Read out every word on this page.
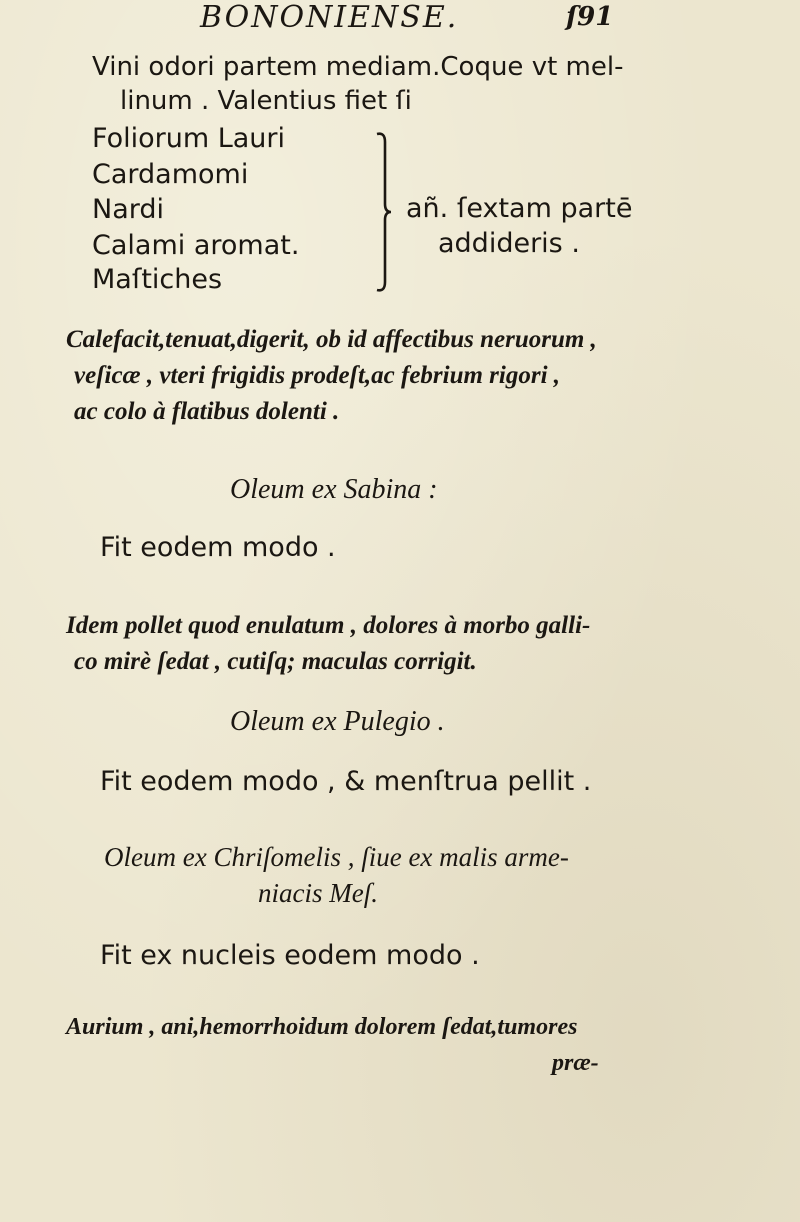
BONONIENSE.	ſ91
Vini odori partem mediam.Coque vt mel-
linum . Valentius fiet ſi
Foliorum Lauri
Cardamomi
Nardi
Calami aromat.
Maſtiches
añ. ſextam partē
addideris .
Calefacit,tenuat,digerit, ob id affectibus neruorum ,
veſicæ , vteri frigidis prodeſt,ac febrium rigori ,
ac colo à flatibus dolenti .
Oleum ex Sabina :
Fit eodem modo .
Idem pollet quod enulatum , dolores à morbo galli-
co mirè ſedat , cutiſq; maculas corrigit.
Oleum ex Pulegio .
Fit eodem modo , & menſtrua pellit .
Oleum ex Chriſomelis , ſiue ex malis arme-
niacis Meſ.
Fit ex nucleis eodem modo .
Aurium , ani,hemorrhoidum dolorem ſedat,tumores
præ-
